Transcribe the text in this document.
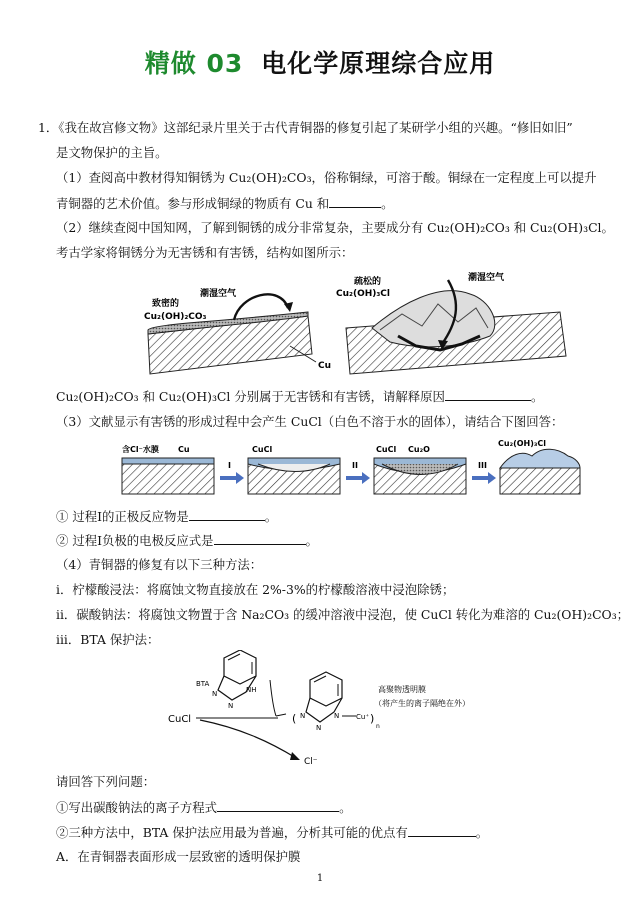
精做 03 电化学原理综合应用
1．《我在故宫修文物》这部纪录片里关于古代青铜器的修复引起了某研学小组的兴趣。“修旧如旧”
是文物保护的主旨。
（1）查阅高中教材得知铜锈为 Cu₂(OH)₂CO₃，俗称铜绿，可溶于酸。铜绿在一定程度上可以提升
青铜器的艺术价值。参与形成铜绿的物质有 Cu 和	。
（2）继续查阅中国知网，了解到铜锈的成分非常复杂，主要成分有 Cu₂(OH)₂CO₃ 和 Cu₂(OH)₃Cl。
考古学家将铜锈分为无害锈和有害锈，结构如图所示：
致密的
Cu₂(OH)₂CO₃
潮湿空气
Cu
疏松的
Cu₂(OH)₃Cl
潮湿空气
Cu₂(OH)₂CO₃ 和 Cu₂(OH)₃Cl 分别属于无害锈和有害锈，请解释原因	。
（3）文献显示有害锈的形成过程中会产生 CuCl（白色不溶于水的固体），请结合下图回答：
含Cl⁻水膜 Cu
I
CuCl
II
CuCl Cu₂O
III
Cu₂(OH)₃Cl
① 过程Ⅰ的正极反应物是	。
② 过程Ⅰ负极的电极反应式是	。
（4）青铜器的修复有以下三种方法：
i．柠檬酸浸法：将腐蚀文物直接放在 2%-3%的柠檬酸溶液中浸泡除锈；
ii．碳酸钠法：将腐蚀文物置于含 Na₂CO₃ 的缓冲溶液中浸泡，使 CuCl 转化为难溶的 Cu₂(OH)₂CO₃；
iii．BTA 保护法：
BTA
NH
N
N
CuCl
Cl⁻
( N
N
N Cu⁺ )
n
高聚物透明膜
（将产生的离子隔绝在外）
请回答下列问题：
①写出碳酸钠法的离子方程式	。
②三种方法中，BTA 保护法应用最为普遍，分析其可能的优点有	。
A．在青铜器表面形成一层致密的透明保护膜
1
